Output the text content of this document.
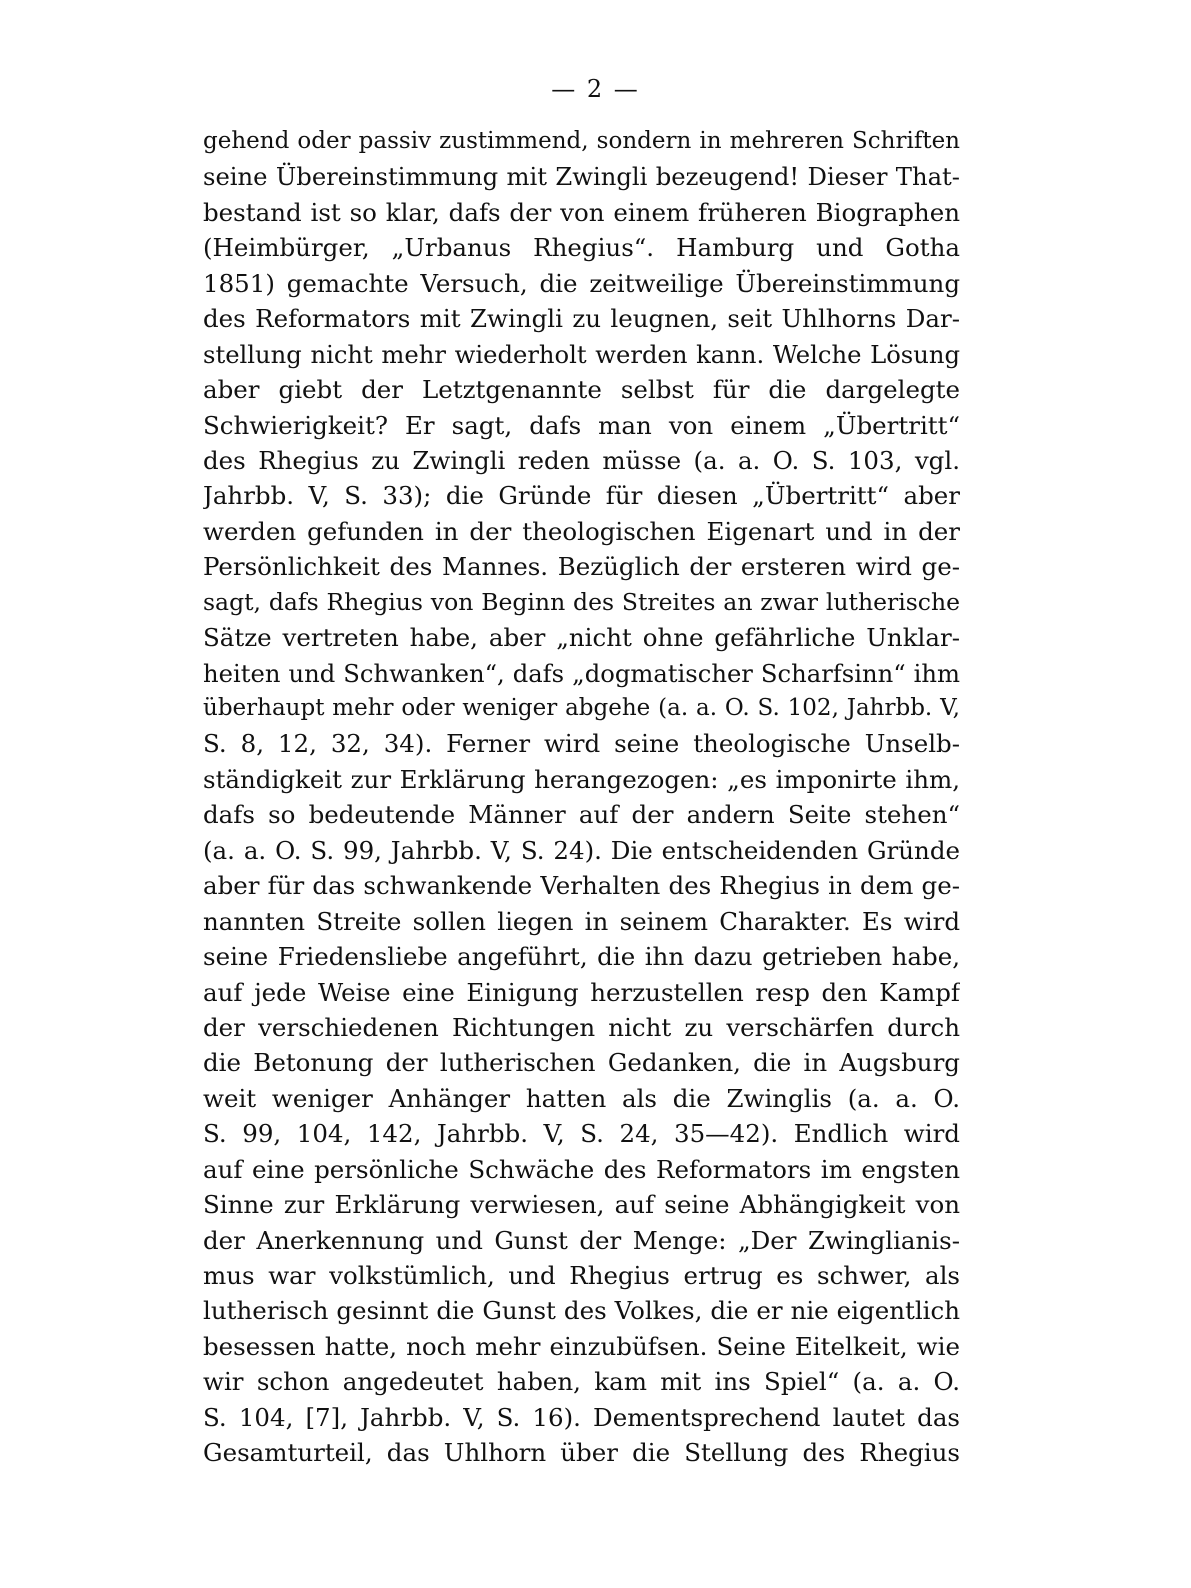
— 2 —
gehend oder passiv zustimmend, sondern in mehreren Schriften
seine Übereinstimmung mit Zwingli bezeugend! Dieser That-
bestand ist so klar, dafs der von einem früheren Biographen
(Heimbürger, „Urbanus Rhegius“. Hamburg und Gotha
1851) gemachte Versuch, die zeitweilige Übereinstimmung
des Reformators mit Zwingli zu leugnen, seit Uhlhorns Dar-
stellung nicht mehr wiederholt werden kann. Welche Lösung
aber giebt der Letztgenannte selbst für die dargelegte
Schwierigkeit? Er sagt, dafs man von einem „Übertritt“
des Rhegius zu Zwingli reden müsse (a. a. O. S. 103, vgl.
Jahrbb. V, S. 33); die Gründe für diesen „Übertritt“ aber
werden gefunden in der theologischen Eigenart und in der
Persönlichkeit des Mannes. Bezüglich der ersteren wird ge-
sagt, dafs Rhegius von Beginn des Streites an zwar lutherische
Sätze vertreten habe, aber „nicht ohne gefährliche Unklar-
heiten und Schwanken“, dafs „dogmatischer Scharfsinn“ ihm
überhaupt mehr oder weniger abgehe (a. a. O. S. 102, Jahrbb. V,
S. 8, 12, 32, 34). Ferner wird seine theologische Unselb-
ständigkeit zur Erklärung herangezogen: „es imponirte ihm,
dafs so bedeutende Männer auf der andern Seite stehen“
(a. a. O. S. 99, Jahrbb. V, S. 24). Die entscheidenden Gründe
aber für das schwankende Verhalten des Rhegius in dem ge-
nannten Streite sollen liegen in seinem Charakter. Es wird
seine Friedensliebe angeführt, die ihn dazu getrieben habe,
auf jede Weise eine Einigung herzustellen resp den Kampf
der verschiedenen Richtungen nicht zu verschärfen durch
die Betonung der lutherischen Gedanken, die in Augsburg
weit weniger Anhänger hatten als die Zwinglis (a. a. O.
S. 99, 104, 142, Jahrbb. V, S. 24, 35—42). Endlich wird
auf eine persönliche Schwäche des Reformators im engsten
Sinne zur Erklärung verwiesen, auf seine Abhängigkeit von
der Anerkennung und Gunst der Menge: „Der Zwinglianis-
mus war volkstümlich, und Rhegius ertrug es schwer, als
lutherisch gesinnt die Gunst des Volkes, die er nie eigentlich
besessen hatte, noch mehr einzubüfsen. Seine Eitelkeit, wie
wir schon angedeutet haben, kam mit ins Spiel“ (a. a. O.
S. 104, [7], Jahrbb. V, S. 16). Dementsprechend lautet das
Gesamturteil, das Uhlhorn über die Stellung des Rhegius
